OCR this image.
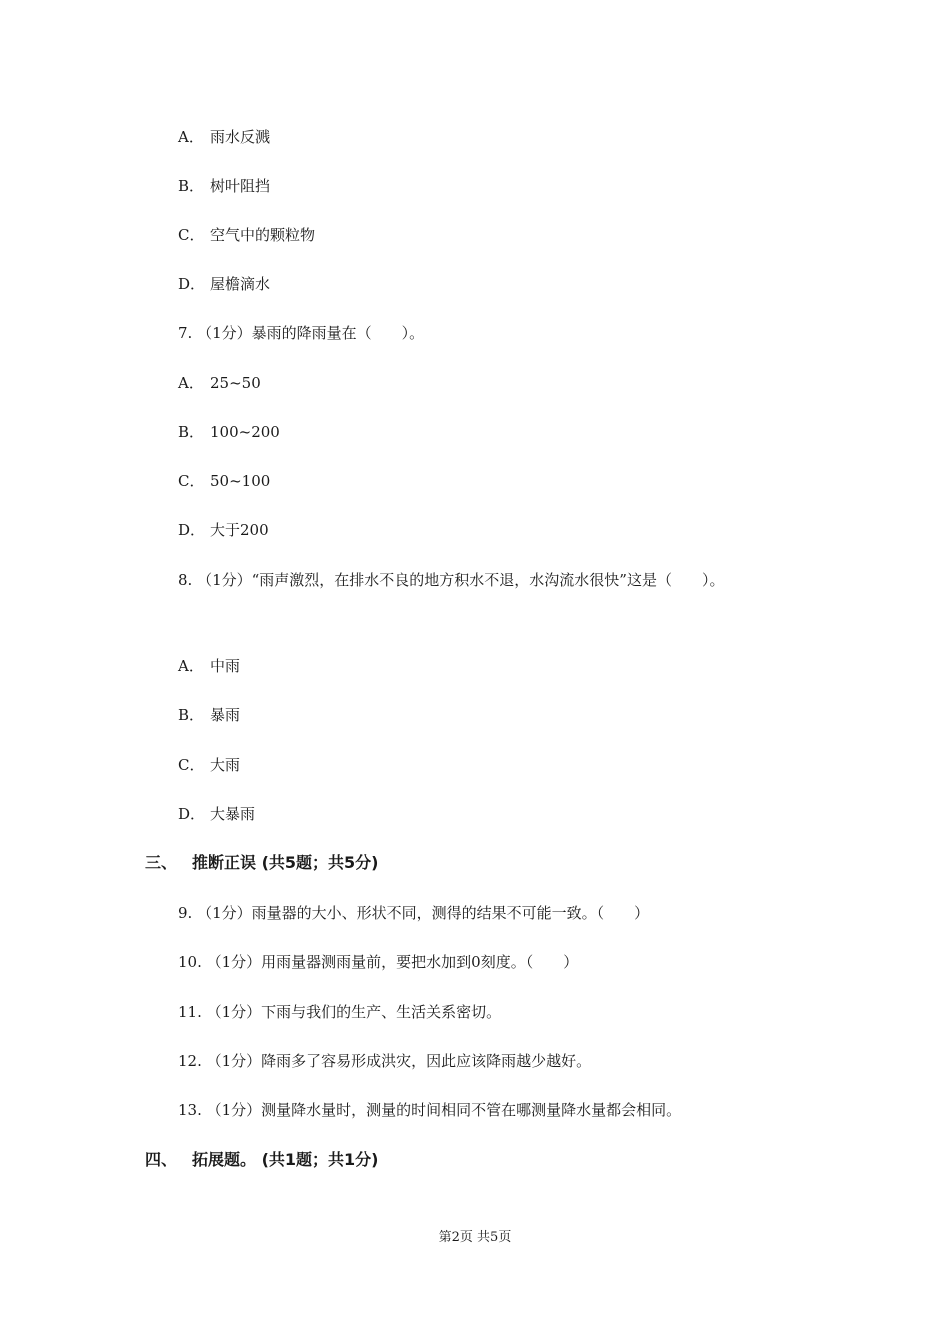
A． 雨水反溅
B． 树叶阻挡
C． 空气中的颗粒物
D． 屋檐滴水
7. （1分）暴雨的降雨量在（　　）。
A． 25~50
B． 100~200
C． 50~100
D． 大于200
8. （1分）“雨声激烈，在排水不良的地方积水不退，水沟流水很快”这是（　　）。
A． 中雨
B． 暴雨
C． 大雨
D． 大暴雨
三、 推断正误 (共5题；共5分)
9. （1分）雨量器的大小、形状不同，测得的结果不可能一致。（　　）
10. （1分）用雨量器测雨量前，要把水加到0刻度。（　　）
11. （1分）下雨与我们的生产、生活关系密切。
12. （1分）降雨多了容易形成洪灾，因此应该降雨越少越好。
13. （1分）测量降水量时，测量的时间相同不管在哪测量降水量都会相同。
四、 拓展题。 (共1题；共1分)
第2页 共5页
